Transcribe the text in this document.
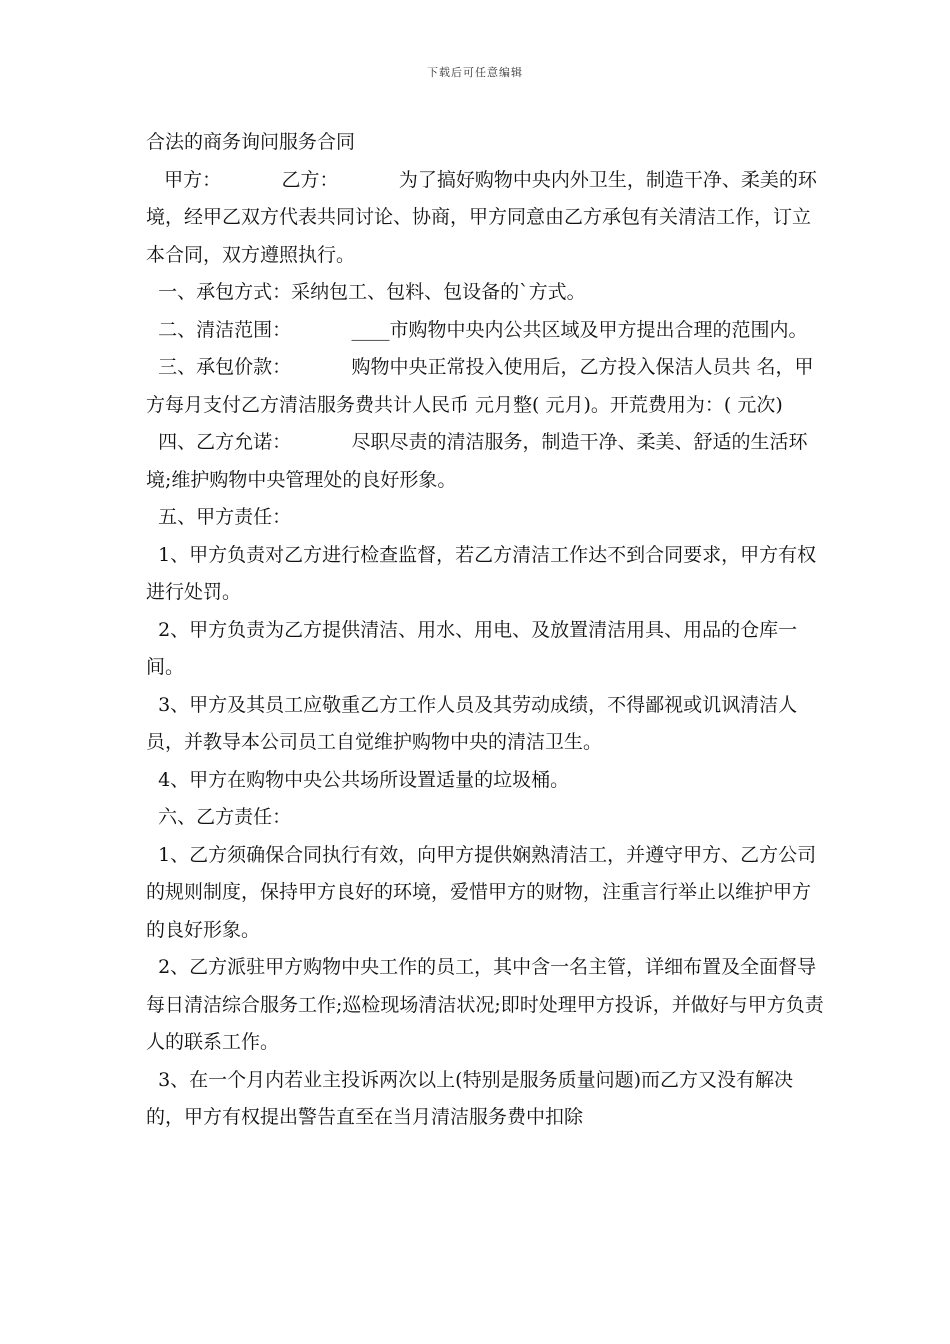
下载后可任意编辑

合法的商务询问服务合同

甲方：          乙方：          为了搞好购物中央内外卫生，制造干净、柔美的环境，经甲乙双方代表共同讨论、协商，甲方同意由乙方承包有关清洁工作，订立本合同，双方遵照执行。

一、承包方式：采纳包工、包料、包设备的`方式。

二、清洁范围：          ____市购物中央内公共区域及甲方提出合理的范围内。

三、承包价款：          购物中央正常投入使用后，乙方投入保洁人员共 名，甲方每月支付乙方清洁服务费共计人民币 元月整( 元月)。开荒费用为：( 元次)

四、乙方允诺：          尽职尽责的清洁服务，制造干净、柔美、舒适的生活环境;维护购物中央管理处的良好形象。

五、甲方责任：

1、甲方负责对乙方进行检查监督，若乙方清洁工作达不到合同要求，甲方有权进行处罚。

2、甲方负责为乙方提供清洁、用水、用电、及放置清洁用具、用品的仓库一间。

3、甲方及其员工应敬重乙方工作人员及其劳动成绩，不得鄙视或讥讽清洁人员，并教导本公司员工自觉维护购物中央的清洁卫生。

4、甲方在购物中央公共场所设置适量的垃圾桶。

六、乙方责任：

1、乙方须确保合同执行有效，向甲方提供娴熟清洁工，并遵守甲方、乙方公司的规则制度，保持甲方良好的环境，爱惜甲方的财物，注重言行举止以维护甲方的良好形象。

2、乙方派驻甲方购物中央工作的员工，其中含一名主管，详细布置及全面督导每日清洁综合服务工作;巡检现场清洁状况;即时处理甲方投诉，并做好与甲方负责人的联系工作。

3、在一个月内若业主投诉两次以上(特别是服务质量问题)而乙方又没有解决的，甲方有权提出警告直至在当月清洁服务费中扣除
